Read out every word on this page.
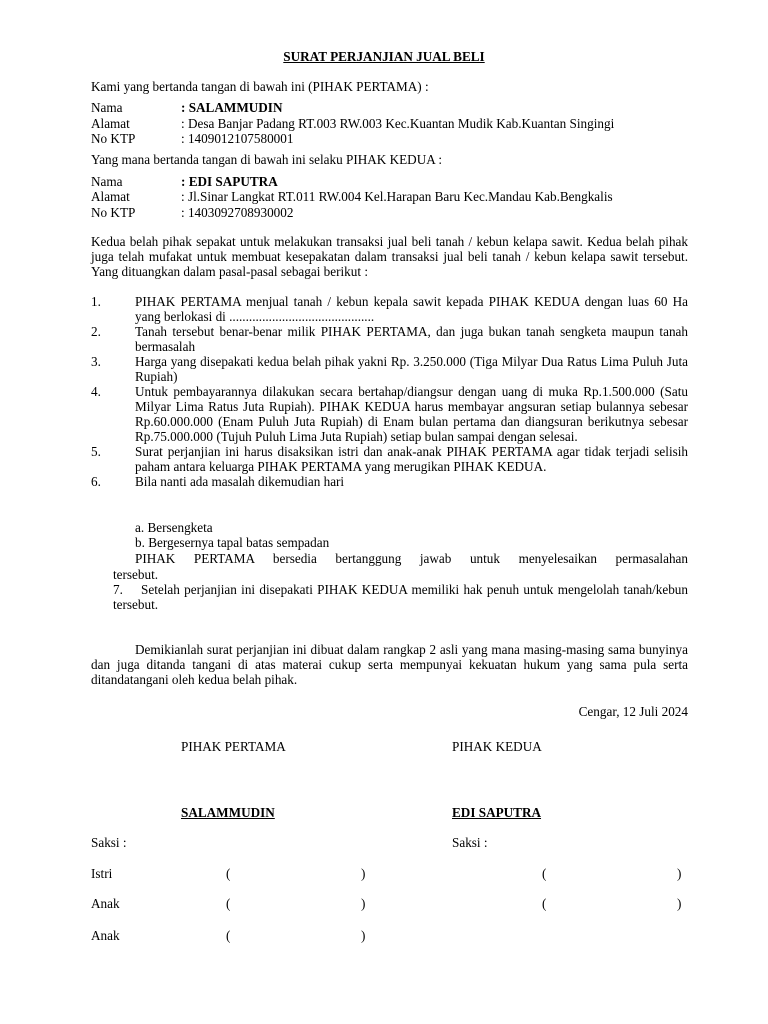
SURAT PERJANJIAN JUAL BELI
Kami yang bertanda tangan di bawah ini (PIHAK PERTAMA) :
Nama	: SALAMMUDIN
Alamat	: Desa Banjar Padang RT.003 RW.003 Kec.Kuantan Mudik Kab.Kuantan Singingi
No KTP	: 1409012107580001
Yang mana bertanda tangan di bawah ini selaku PIHAK KEDUA :
Nama	: EDI SAPUTRA
Alamat	: Jl.Sinar Langkat RT.011 RW.004 Kel.Harapan Baru Kec.Mandau Kab.Bengkalis
No KTP	: 1403092708930002
Kedua belah pihak sepakat untuk melakukan transaksi jual beli tanah / kebun kelapa sawit. Kedua belah pihak juga telah mufakat untuk membuat kesepakatan dalam transaksi jual beli tanah / kebun kelapa sawit tersebut. Yang dituangkan dalam pasal-pasal sebagai berikut :
1.	PIHAK PERTAMA menjual tanah / kebun kepala sawit kepada PIHAK KEDUA dengan luas 60 Ha yang berlokasi di ............................................
2.	Tanah tersebut benar-benar milik PIHAK PERTAMA, dan juga bukan tanah sengketa maupun tanah bermasalah
3.	Harga yang disepakati kedua belah pihak yakni Rp. 3.250.000 (Tiga Milyar Dua Ratus Lima Puluh Juta Rupiah)
4.	Untuk pembayarannya dilakukan secara bertahap/diangsur dengan uang di muka Rp.1.500.000 (Satu Milyar Lima Ratus Juta Rupiah). PIHAK KEDUA harus membayar angsuran setiap bulannya sebesar Rp.60.000.000 (Enam Puluh Juta Rupiah) di Enam bulan pertama dan diangsuran berikutnya sebesar Rp.75.000.000 (Tujuh Puluh Lima Juta Rupiah) setiap bulan sampai dengan selesai.
5.	Surat perjanjian ini harus disaksikan istri dan anak-anak PIHAK PERTAMA agar tidak terjadi selisih paham antara keluarga PIHAK PERTAMA yang merugikan PIHAK KEDUA.
6.	Bila nanti ada masalah dikemudian hari
a. Bersengketa
b. Bergesernya tapal batas sempadan
PIHAK PERTAMA bersedia bertanggung jawab untuk menyelesaikan permasalahan
tersebut.
7.	Setelah perjanjian ini disepakati PIHAK KEDUA memiliki hak penuh untuk mengelolah tanah/kebun tersebut.
Demikianlah surat perjanjian ini dibuat dalam rangkap 2 asli yang mana masing-masing sama bunyinya dan juga ditanda tangani di atas materai cukup serta mempunyai kekuatan hukum yang sama pula serta ditandatangani oleh kedua belah pihak.
Cengar, 12 Juli 2024
PIHAK PERTAMA	PIHAK KEDUA
SALAMMUDIN	EDI SAPUTRA
Saksi :	Saksi :
Istri	(	)	(	)
Anak	(	)	(	)
Anak	(	)
